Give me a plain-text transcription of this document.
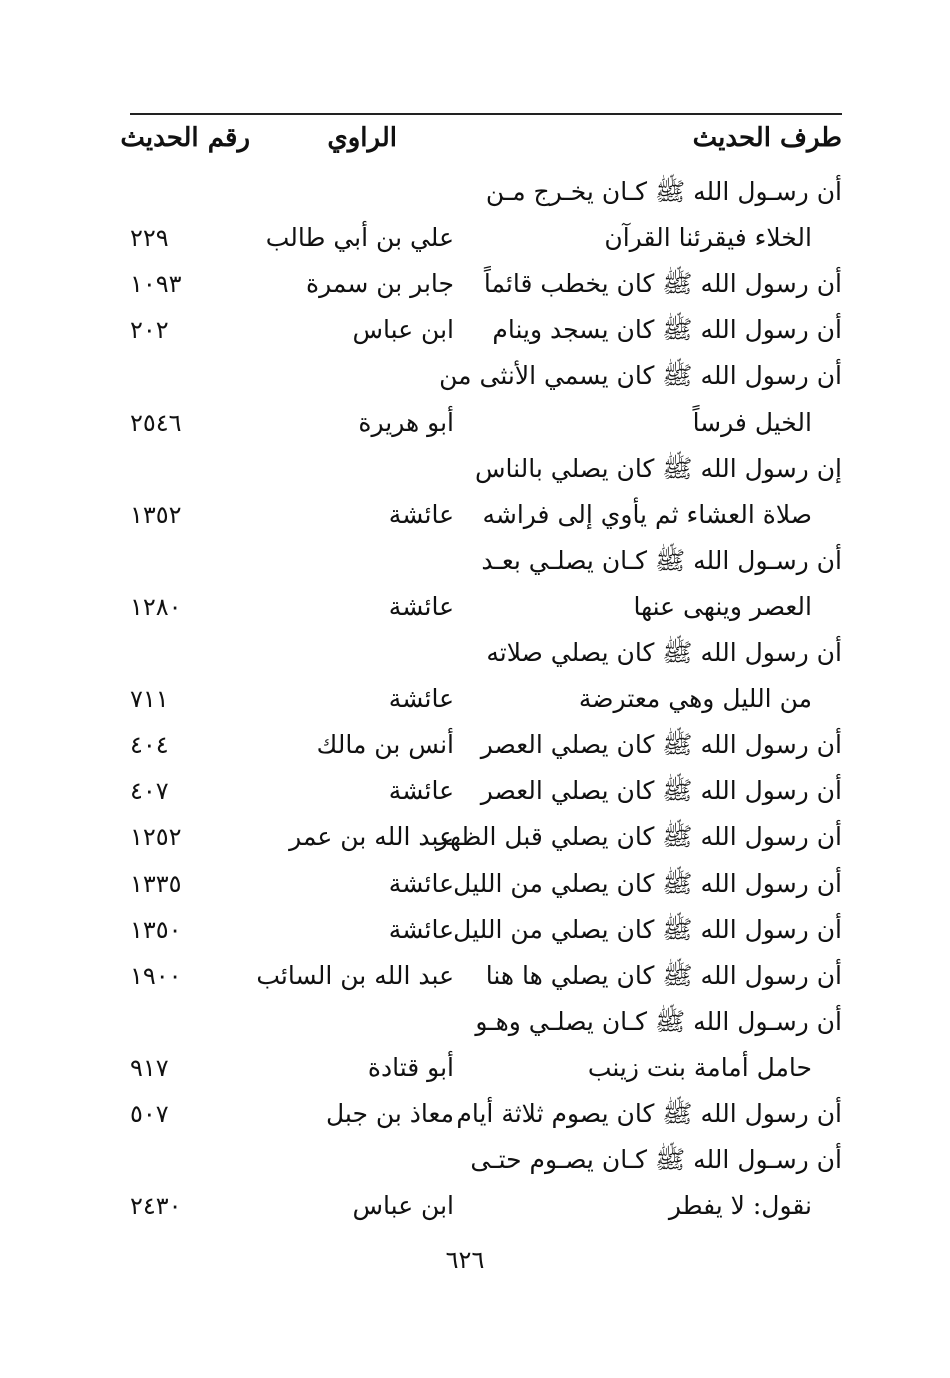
طرف الحديث
الراوي
رقم الحديث
أن رسـول الله ﷺ كـان يخـرج مـن
الخلاء فيقرئنا القرآن
علي بن أبي طالب
٢٢٩
أن رسول الله ﷺ كان يخطب قائماً
جابر بن سمرة
١٠٩٣
أن رسول الله ﷺ كان يسجد وينام
ابن عباس
٢٠٢
أن رسول الله ﷺ كان يسمي الأنثى من
الخيل فرساً
أبو هريرة
٢٥٤٦
إن رسول الله ﷺ كان يصلي بالناس
صلاة العشاء ثم يأوي إلى فراشه
عائشة
١٣٥٢
أن رسـول الله ﷺ كـان يصلـي بعـد
العصر وينهى عنها
عائشة
١٢٨٠
أن رسول الله ﷺ كان يصلي صلاته
من الليل وهي معترضة
عائشة
٧١١
أن رسول الله ﷺ كان يصلي العصر
أنس بن مالك
٤٠٤
أن رسول الله ﷺ كان يصلي العصر
عائشة
٤٠٧
أن رسول الله ﷺ كان يصلي قبل الظهر
عبد الله بن عمر
١٢٥٢
أن رسول الله ﷺ كان يصلي من الليل
عائشة
١٣٣٥
أن رسول الله ﷺ كان يصلي من الليل
عائشة
١٣٥٠
أن رسول الله ﷺ كان يصلي ها هنا
عبد الله بن السائب
١٩٠٠
أن رسـول الله ﷺ كـان يصلـي وهـو
حامل أمامة بنت زينب
أبو قتادة
٩١٧
أن رسول الله ﷺ كان يصوم ثلاثة أيام
معاذ بن جبل
٥٠٧
أن رسـول الله ﷺ كـان يصـوم حتـى
نقول: لا يفطر
ابن عباس
٢٤٣٠
٦٢٦
